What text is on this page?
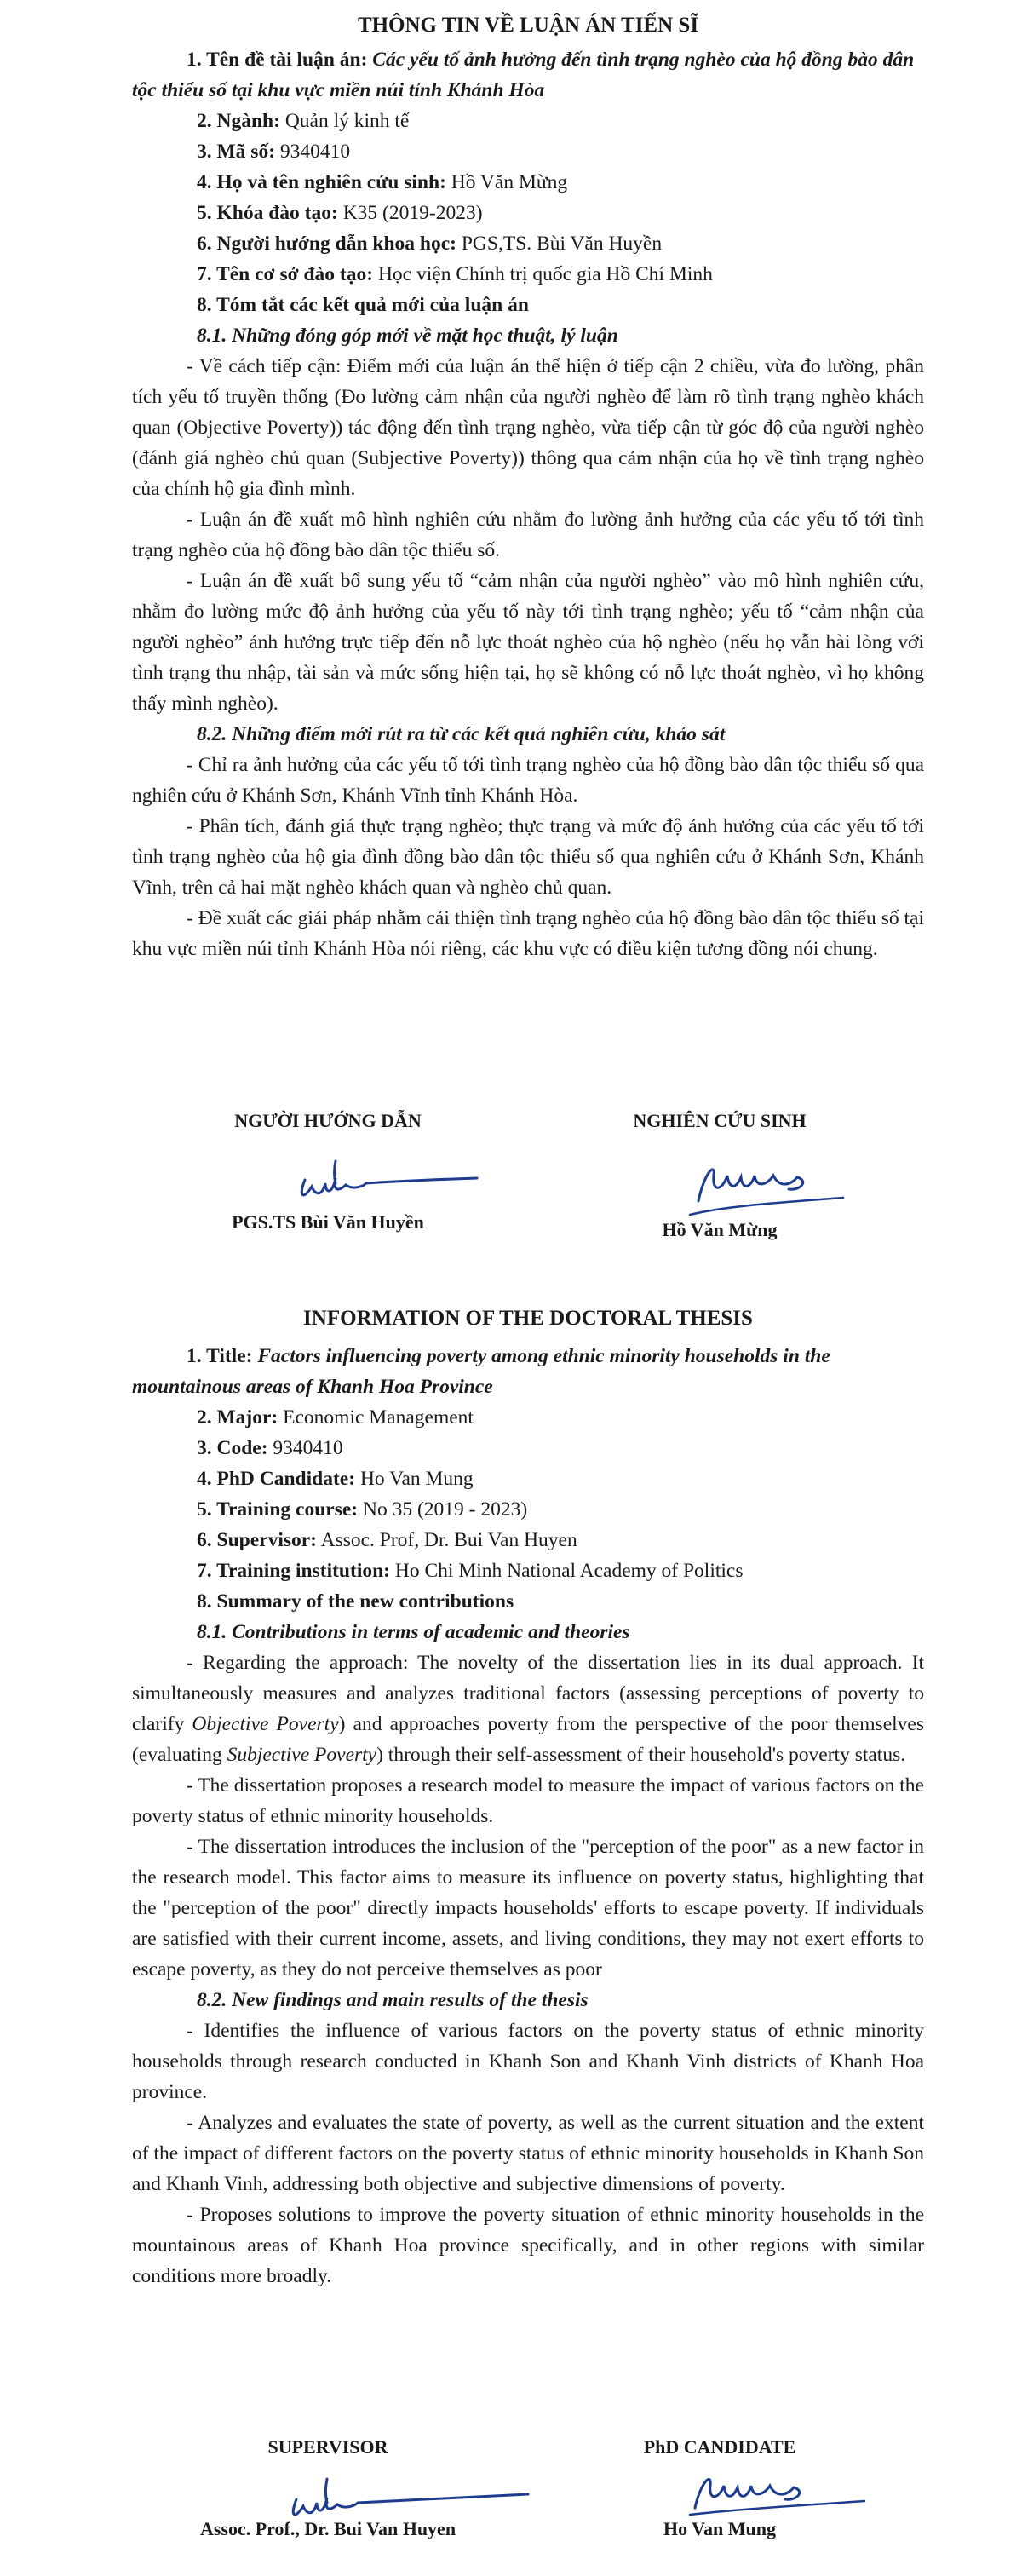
THÔNG TIN VỀ LUẬN ÁN TIẾN SĨ

1. Tên đề tài luận án: Các yếu tố ảnh hưởng đến tình trạng nghèo của hộ đồng bào dân tộc thiểu số tại khu vực miền núi tỉnh Khánh Hòa

2. Ngành: Quản lý kinh tế

3. Mã số: 9340410

4. Họ và tên nghiên cứu sinh: Hồ Văn Mừng

5. Khóa đào tạo: K35 (2019-2023)

6. Người hướng dẫn khoa học: PGS,TS. Bùi Văn Huyền

7. Tên cơ sở đào tạo: Học viện Chính trị quốc gia Hồ Chí Minh

8. Tóm tắt các kết quả mới của luận án

8.1. Những đóng góp mới về mặt học thuật, lý luận

- Về cách tiếp cận: Điểm mới của luận án thể hiện ở tiếp cận 2 chiều, vừa đo lường, phân tích yếu tố truyền thống (Đo lường cảm nhận của người nghèo để làm rõ tình trạng nghèo khách quan (Objective Poverty)) tác động đến tình trạng nghèo, vừa tiếp cận từ góc độ của người nghèo (đánh giá nghèo chủ quan (Subjective Poverty)) thông qua cảm nhận của họ về tình trạng nghèo của chính hộ gia đình mình.

- Luận án đề xuất mô hình nghiên cứu nhằm đo lường ảnh hưởng của các yếu tố tới tình trạng nghèo của hộ đồng bào dân tộc thiểu số.

- Luận án đề xuất bổ sung yếu tố “cảm nhận của người nghèo” vào mô hình nghiên cứu, nhằm đo lường mức độ ảnh hưởng của yếu tố này tới tình trạng nghèo; yếu tố “cảm nhận của người nghèo” ảnh hưởng trực tiếp đến nỗ lực thoát nghèo của hộ nghèo (nếu họ vẫn hài lòng với tình trạng thu nhập, tài sản và mức sống hiện tại, họ sẽ không có nỗ lực thoát nghèo, vì họ không thấy mình nghèo).

8.2. Những điểm mới rút ra từ các kết quả nghiên cứu, khảo sát

- Chỉ ra ảnh hưởng của các yếu tố tới tình trạng nghèo của hộ đồng bào dân tộc thiểu số qua nghiên cứu ở Khánh Sơn, Khánh Vĩnh tỉnh Khánh Hòa.

- Phân tích, đánh giá thực trạng nghèo; thực trạng và mức độ ảnh hưởng của các yếu tố tới tình trạng nghèo của hộ gia đình đồng bào dân tộc thiểu số qua nghiên cứu ở Khánh Sơn, Khánh Vĩnh, trên cả hai mặt nghèo khách quan và nghèo chủ quan.

- Đề xuất các giải pháp nhằm cải thiện tình trạng nghèo của hộ đồng bào dân tộc thiểu số tại khu vực miền núi tỉnh Khánh Hòa nói riêng, các khu vực có điều kiện tương đồng nói chung.

NGƯỜI HƯỚNG DẪN	NGHIÊN CỨU SINH
PGS.TS Bùi Văn Huyền	Hồ Văn Mừng

INFORMATION OF THE DOCTORAL THESIS

1. Title: Factors influencing poverty among ethnic minority households in the mountainous areas of Khanh Hoa Province

2. Major: Economic Management

3. Code: 9340410

4. PhD Candidate: Ho Van Mung

5. Training course: No 35 (2019 - 2023)

6. Supervisor: Assoc. Prof, Dr. Bui Van Huyen

7. Training institution: Ho Chi Minh National Academy of Politics

8. Summary of the new contributions

8.1. Contributions in terms of academic and theories

- Regarding the approach: The novelty of the dissertation lies in its dual approach. It simultaneously measures and analyzes traditional factors (assessing perceptions of poverty to clarify Objective Poverty) and approaches poverty from the perspective of the poor themselves (evaluating Subjective Poverty) through their self-assessment of their household's poverty status.

- The dissertation proposes a research model to measure the impact of various factors on the poverty status of ethnic minority households.

- The dissertation introduces the inclusion of the "perception of the poor" as a new factor in the research model. This factor aims to measure its influence on poverty status, highlighting that the "perception of the poor" directly impacts households' efforts to escape poverty. If individuals are satisfied with their current income, assets, and living conditions, they may not exert efforts to escape poverty, as they do not perceive themselves as poor

8.2. New findings and main results of the thesis

- Identifies the influence of various factors on the poverty status of ethnic minority households through research conducted in Khanh Son and Khanh Vinh districts of Khanh Hoa province.

- Analyzes and evaluates the state of poverty, as well as the current situation and the extent of the impact of different factors on the poverty status of ethnic minority households in Khanh Son and Khanh Vinh, addressing both objective and subjective dimensions of poverty.

- Proposes solutions to improve the poverty situation of ethnic minority households in the mountainous areas of Khanh Hoa province specifically, and in other regions with similar conditions more broadly.

SUPERVISOR	PhD CANDIDATE
Assoc. Prof., Dr. Bui Van Huyen	Ho Van Mung
